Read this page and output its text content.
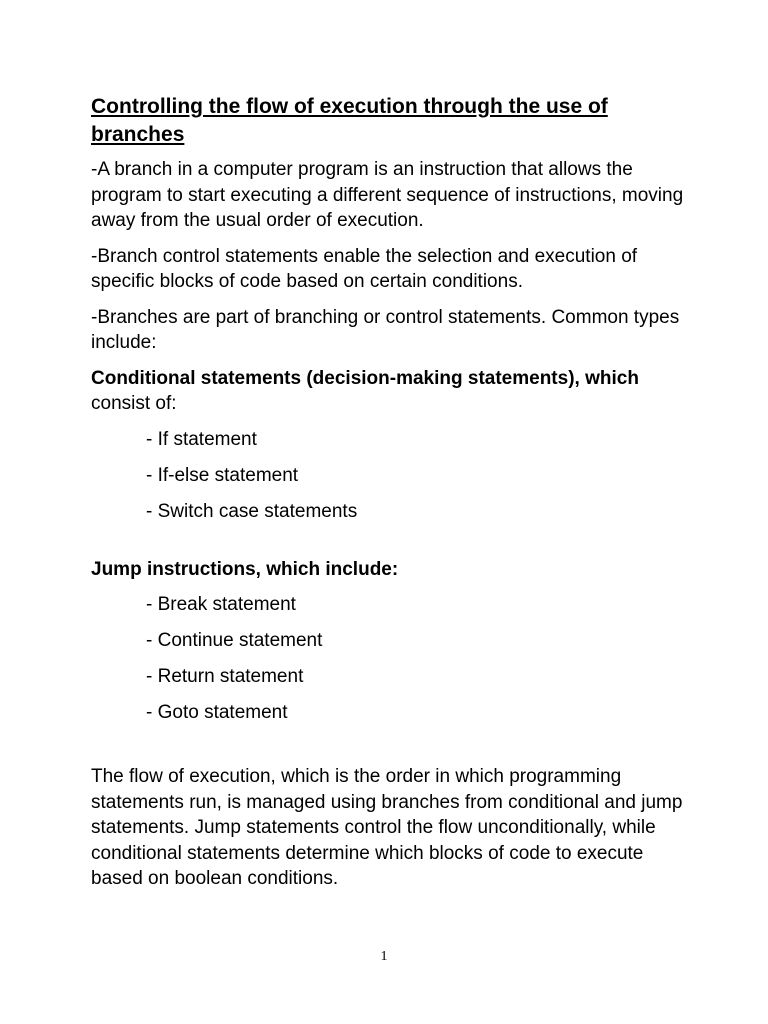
Controlling the flow of execution through the use of branches

-A branch in a computer program is an instruction that allows the program to start executing a different sequence of instructions, moving away from the usual order of execution.

-Branch control statements enable the selection and execution of specific blocks of code based on certain conditions.

-Branches are part of branching or control statements. Common types include:

Conditional statements (decision-making statements), which consist of:

- If statement
- If-else statement
- Switch case statements

Jump instructions, which include:

- Break statement
- Continue statement
- Return statement
- Goto statement

The flow of execution, which is the order in which programming statements run, is managed using branches from conditional and jump statements. Jump statements control the flow unconditionally, while conditional statements determine which blocks of code to execute based on boolean conditions.

1
